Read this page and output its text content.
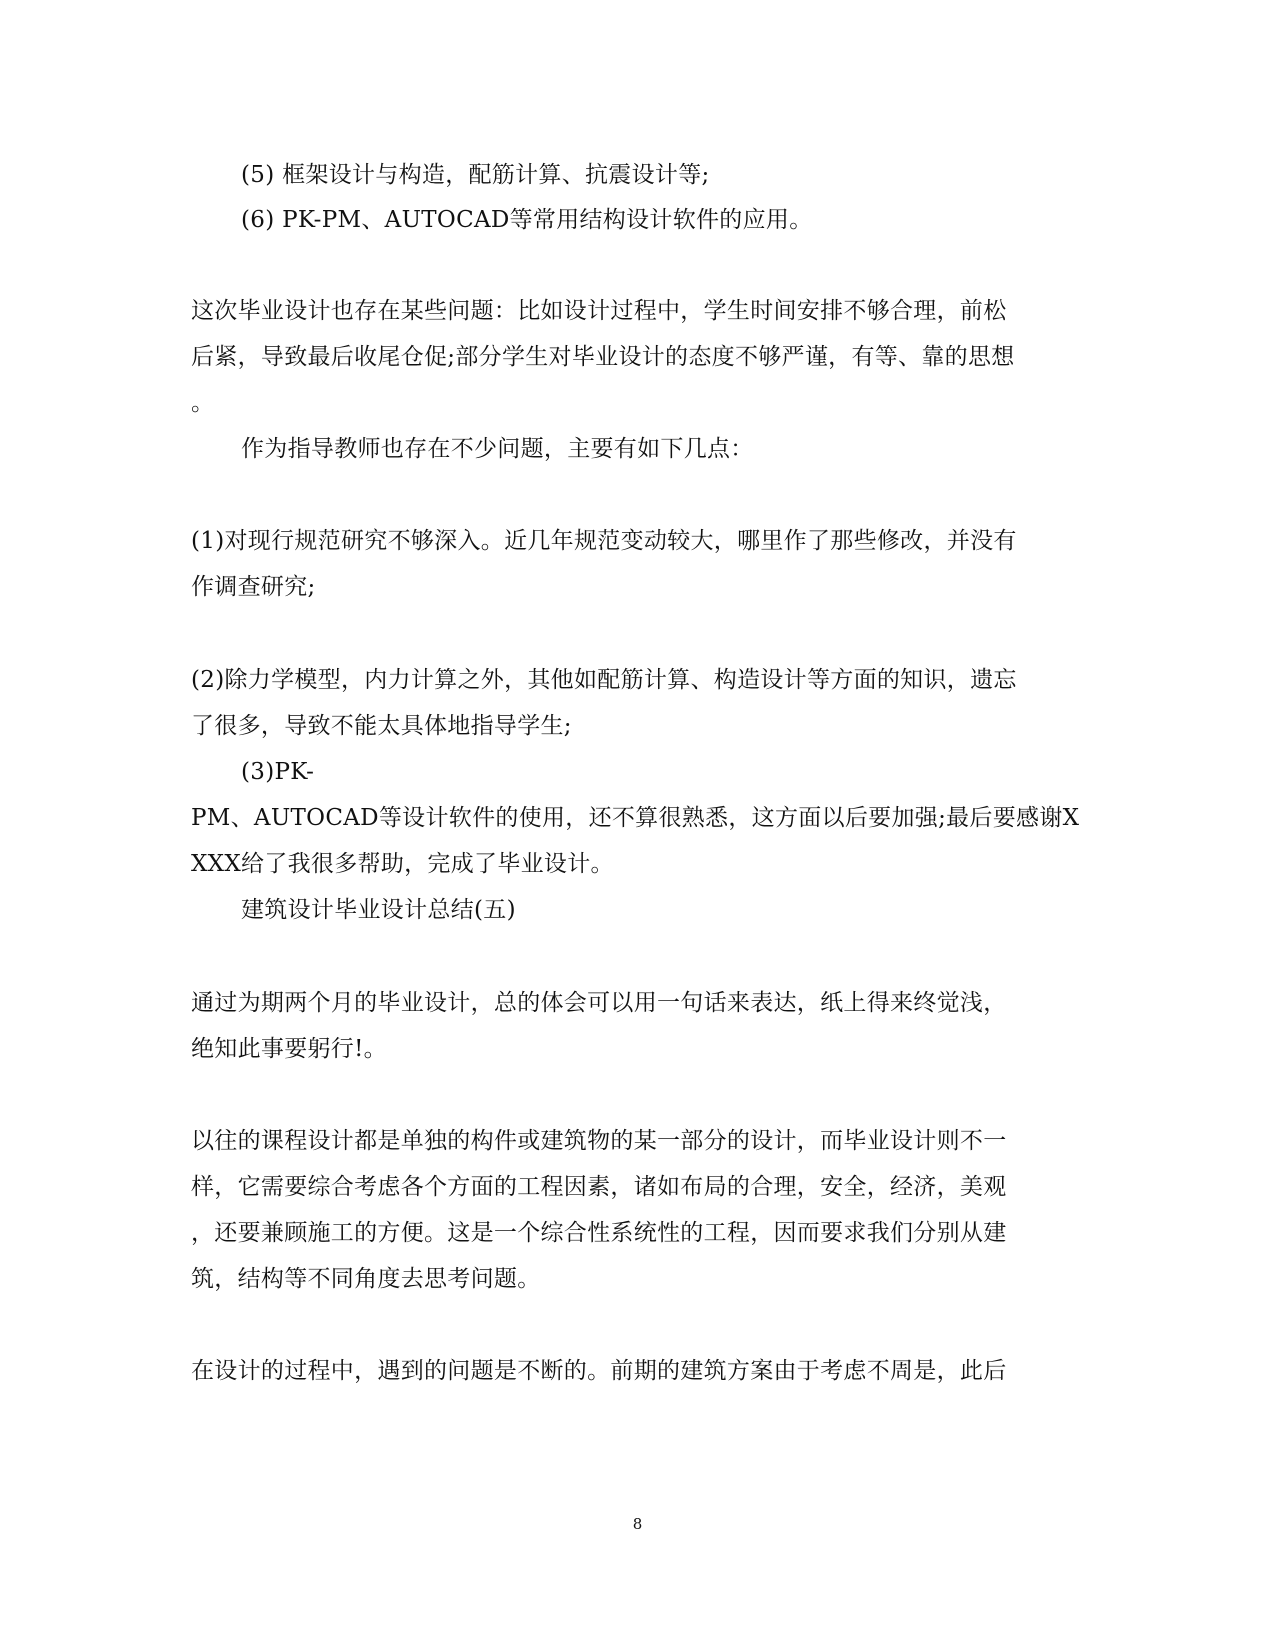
(5) 框架设计与构造，配筋计算、抗震设计等;
(6) PK-PM、AUTOCAD等常用结构设计软件的应用。
这次毕业设计也存在某些问题：比如设计过程中，学生时间安排不够合理，前松
后紧，导致最后收尾仓促;部分学生对毕业设计的态度不够严谨，有等、靠的思想
。
作为指导教师也存在不少问题，主要有如下几点：
(1)对现行规范研究不够深入。近几年规范变动较大，哪里作了那些修改，并没有
作调查研究;
(2)除力学模型，内力计算之外，其他如配筋计算、构造设计等方面的知识，遗忘
了很多，导致不能太具体地指导学生;
(3)PK-
PM、AUTOCAD等设计软件的使用，还不算很熟悉，这方面以后要加强;最后要感谢X
XXX给了我很多帮助，完成了毕业设计。
建筑设计毕业设计总结(五)
通过为期两个月的毕业设计，总的体会可以用一句话来表达，纸上得来终觉浅，
绝知此事要躬行!。
以往的课程设计都是单独的构件或建筑物的某一部分的设计，而毕业设计则不一
样，它需要综合考虑各个方面的工程因素，诸如布局的合理，安全，经济，美观
，还要兼顾施工的方便。这是一个综合性系统性的工程，因而要求我们分别从建
筑，结构等不同角度去思考问题。
在设计的过程中，遇到的问题是不断的。前期的建筑方案由于考虑不周是，此后
8
